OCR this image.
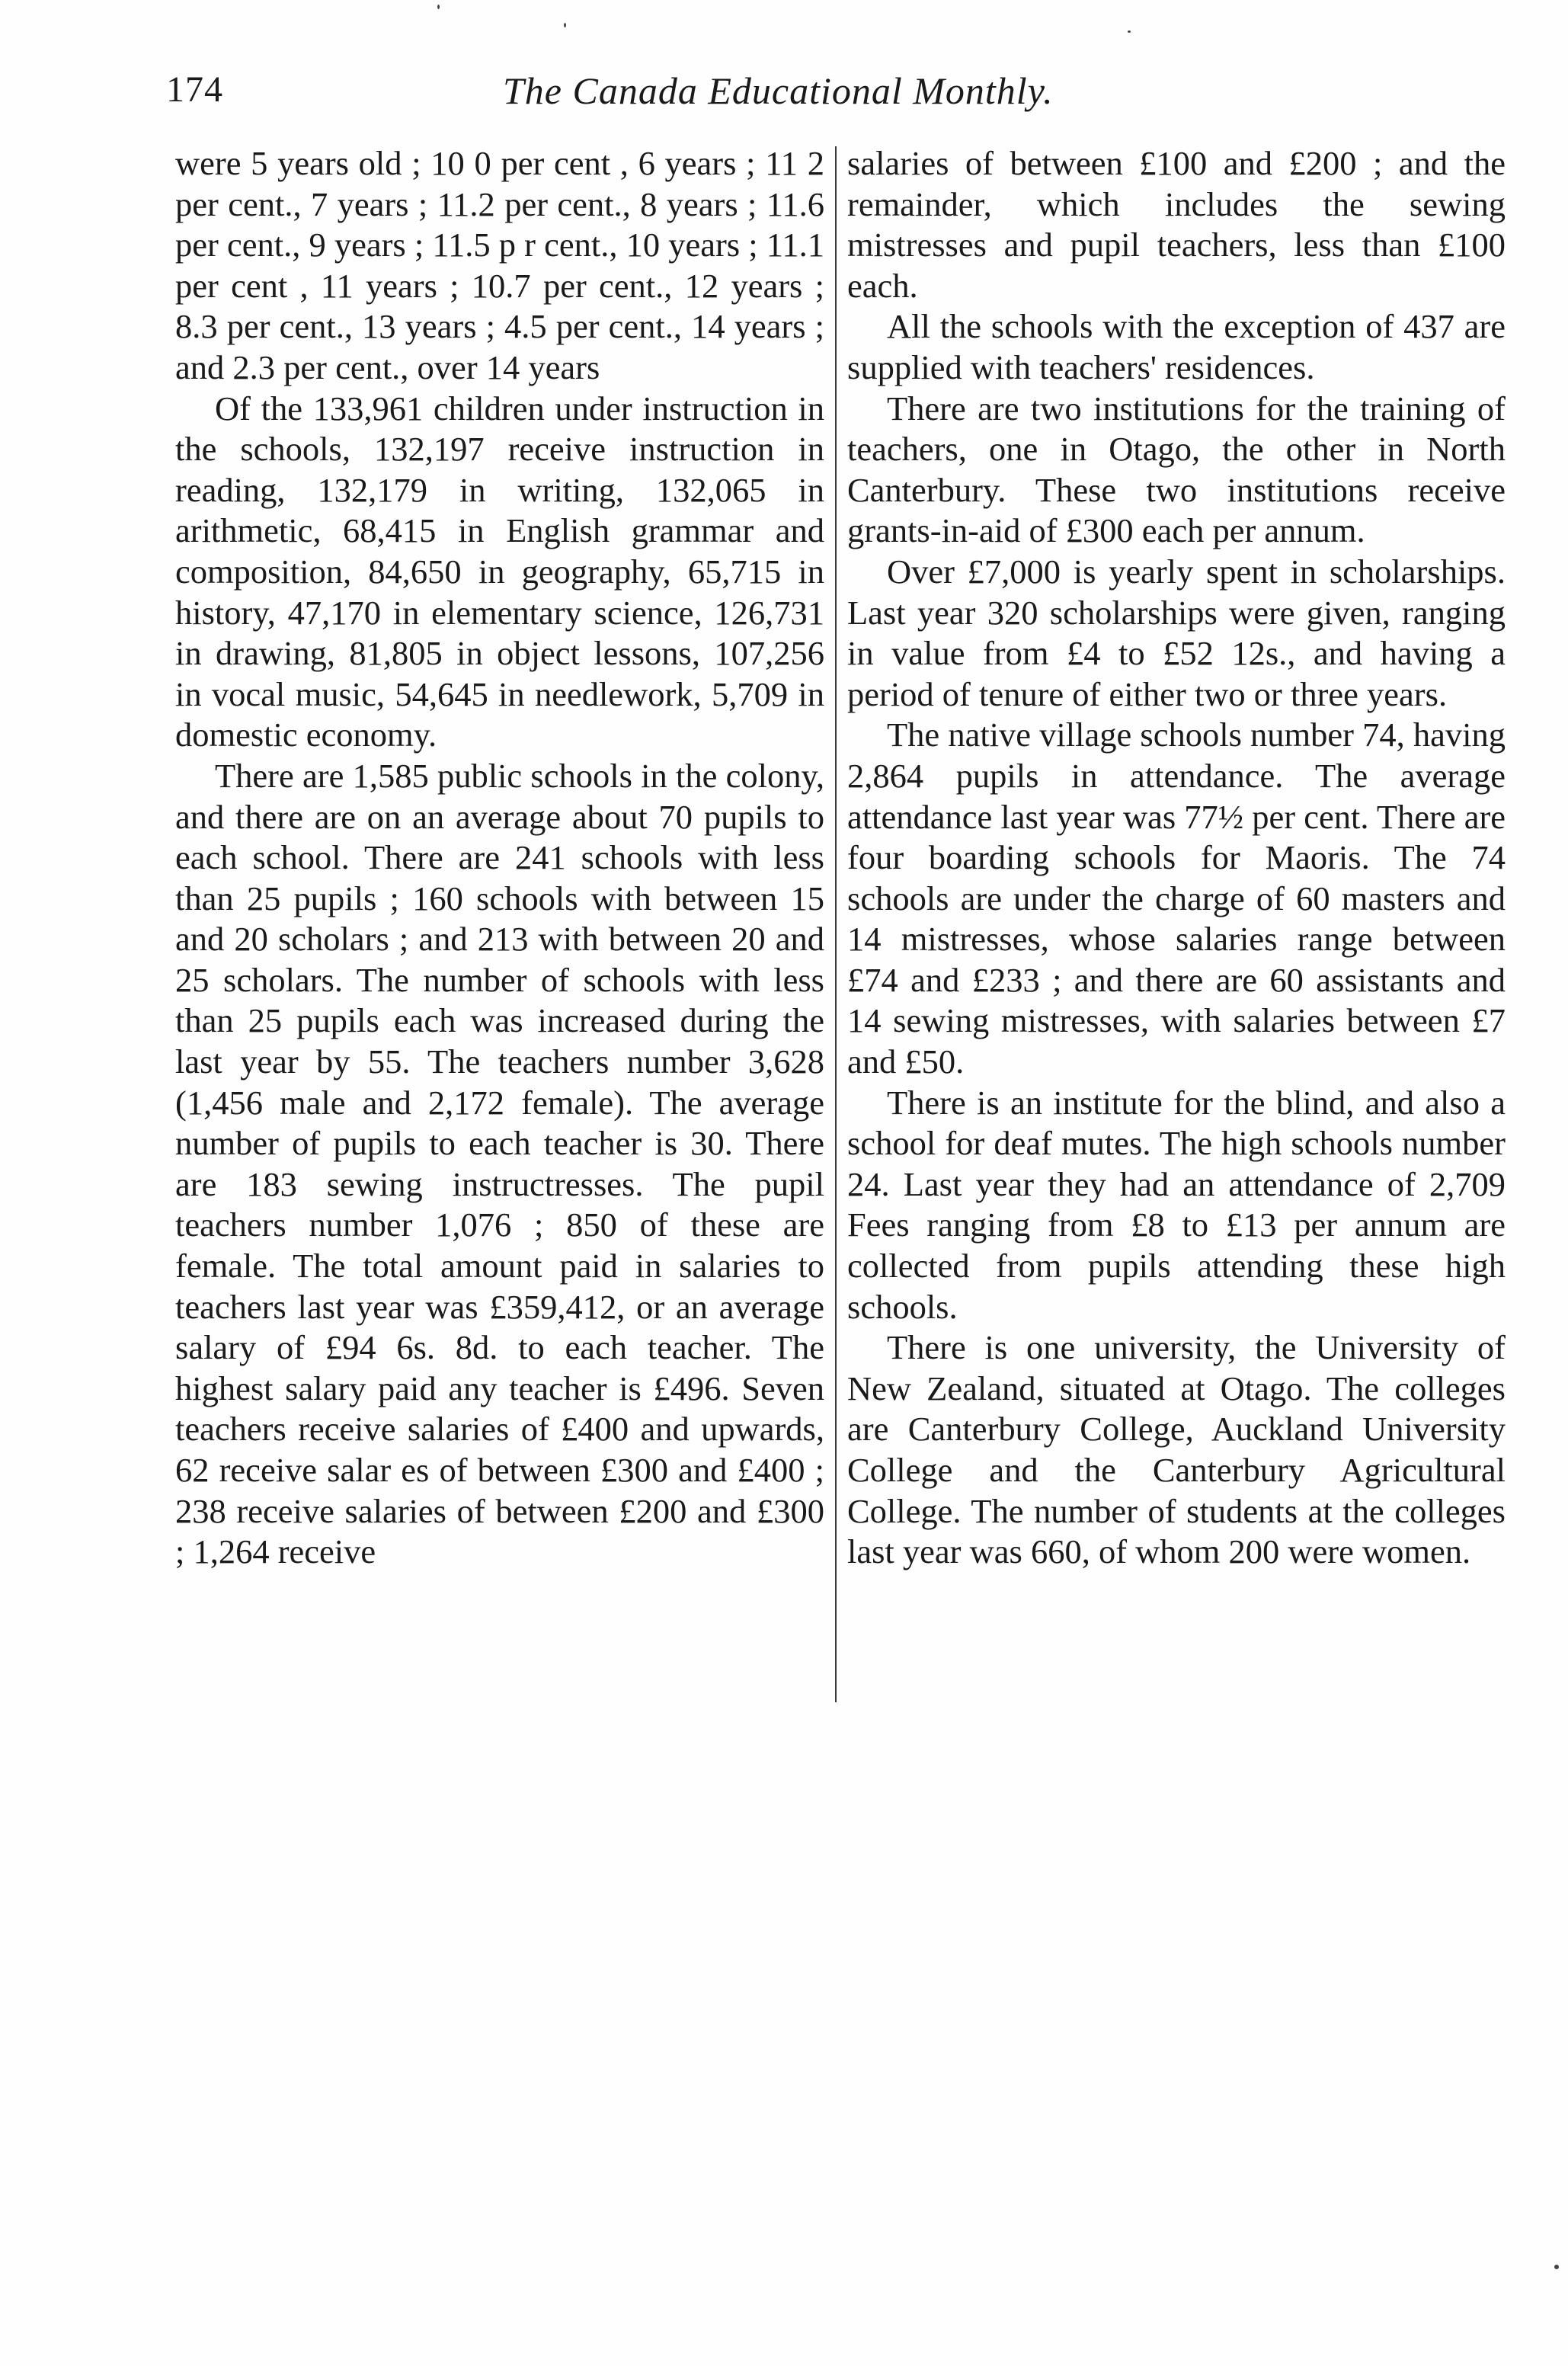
174	The Canada Educational Monthly.

were 5 years old ; 10 0 per cent , 6 years ; 11 2 per cent., 7 years ; 11.2 per cent., 8 years ; 11.6 per cent., 9 years ; 11.5 p r cent., 10 years ; 11.1 per cent , 11 years ; 10.7 per cent., 12 years ; 8.3 per cent., 13 years ; 4.5 per cent., 14 years ; and 2.3 per cent., over 14 years

Of the 133,961 children under instruction in the schools, 132,197 receive instruction in reading, 132,179 in writing, 132,065 in arithmetic, 68,415 in English grammar and composition, 84,650 in geography, 65,715 in history, 47,170 in elementary science, 126,731 in drawing, 81,805 in object lessons, 107,256 in vocal music, 54,645 in needlework, 5,709 in domestic economy.

There are 1,585 public schools in the colony, and there are on an average about 70 pupils to each school. There are 241 schools with less than 25 pupils ; 160 schools with between 15 and 20 scholars ; and 213 with between 20 and 25 scholars. The number of schools with less than 25 pupils each was increased during the last year by 55. The teachers number 3,628 (1,456 male and 2,172 female). The average number of pupils to each teacher is 30. There are 183 sewing instructresses. The pupil teachers number 1,076 ; 850 of these are female. The total amount paid in salaries to teachers last year was £359,412, or an average salary of £94 6s. 8d. to each teacher. The highest salary paid any teacher is £496. Seven teachers receive salaries of £400 and upwards, 62 receive salar es of between £300 and £400 ; 238 receive salaries of between £200 and £300 ; 1,264 receive

salaries of between £100 and £200 ; and the remainder, which includes the sewing mistresses and pupil teachers, less than £100 each.

All the schools with the exception of 437 are supplied with teachers' residences.

There are two institutions for the training of teachers, one in Otago, the other in North Canterbury. These two institutions receive grants-in-aid of £300 each per annum.

Over £7,000 is yearly spent in scholarships. Last year 320 scholarships were given, ranging in value from £4 to £52 12s., and having a period of tenure of either two or three years.

The native village schools number 74, having 2,864 pupils in attendance. The average attendance last year was 77½ per cent. There are four boarding schools for Maoris. The 74 schools are under the charge of 60 masters and 14 mistresses, whose salaries range between £74 and £233 ; and there are 60 assistants and 14 sewing mistresses, with salaries between £7 and £50.

There is an institute for the blind, and also a school for deaf mutes. The high schools number 24. Last year they had an attendance of 2,709 Fees ranging from £8 to £13 per annum are collected from pupils attending these high schools.

There is one university, the University of New Zealand, situated at Otago. The colleges are Canterbury College, Auckland University College and the Canterbury Agricultural College. The number of students at the colleges last year was 660, of whom 200 were women.
